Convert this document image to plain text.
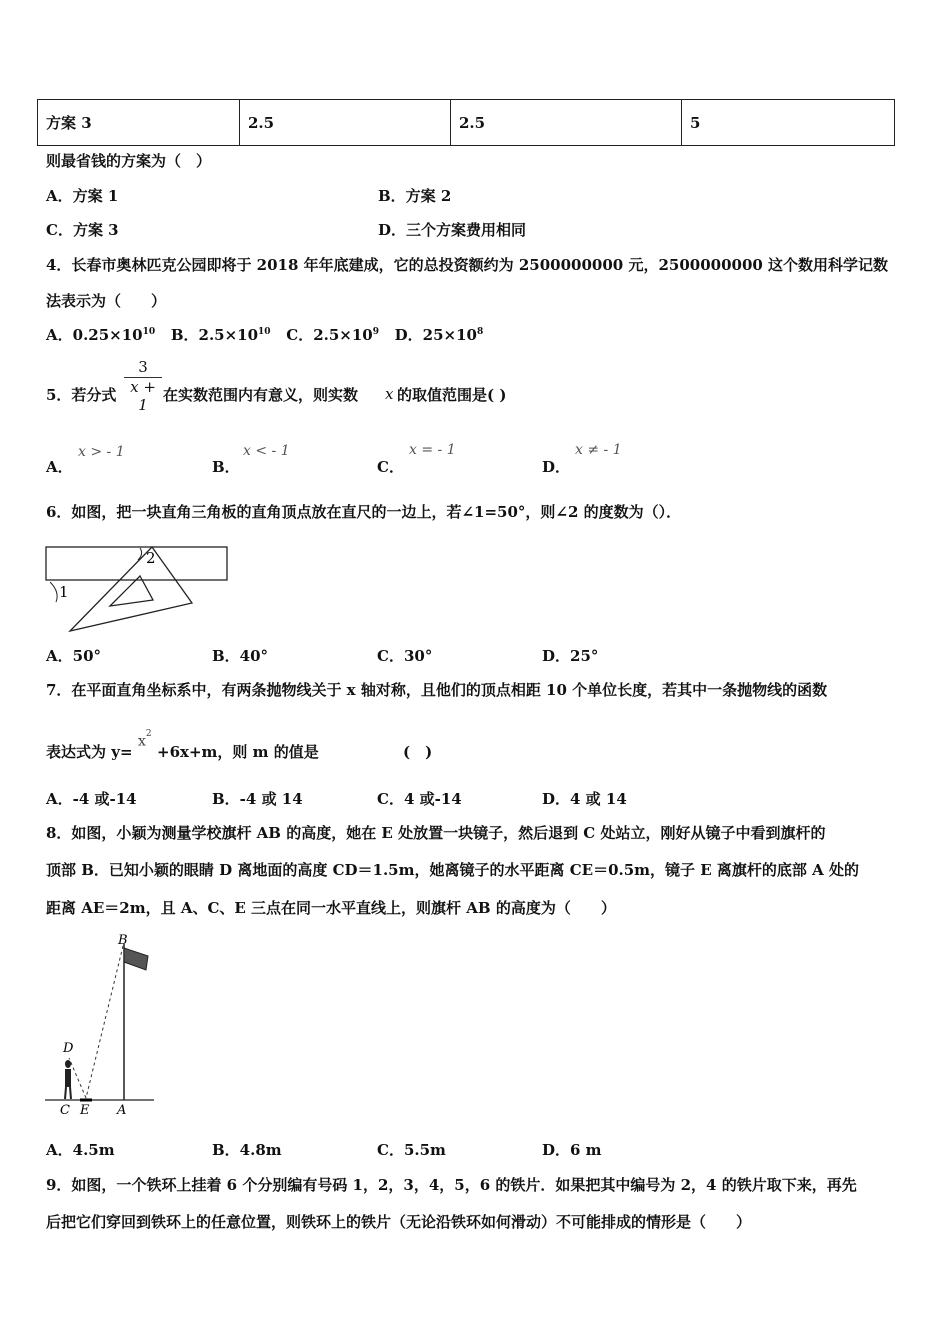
方案 3	2.5	2.5	5
则最省钱的方案为（　）
A．方案 1	B．方案 2
C．方案 3	D．三个方案费用相同
4．长春市奥林匹克公园即将于 2018 年年底建成，它的总投资额约为 2500000000 元，2500000000 这个数用科学记数
法表示为（　　）
A．$0.25\times 10^{10}$ B．$2.5\times 10^{10}$ C．$2.5\times 10^9$ D．$25\times 10^8$
5．若分式 $\frac{3}{x + 1}$ 在实数范围内有意义，则实数 x 的取值范围是( )
A．
x > - 1
B．
x < - 1
C．
x = - 1
D．
x ≠ - 1
6．如图，把一块直角三角板的直角顶点放在直尺的一边上，若∠1=50°，则∠2 的度数为（）．
2
1
A．50°	B．40°	C．30°	D．25°
7．在平面直角坐标系中，有两条抛物线关于 x 轴对称，且他们的顶点相距 10 个单位长度，若其中一条抛物线的函数
表达式为 y=
$x^2$
+6x+m，则 m 的值是	(　)
A．-4 或-14	B．-4 或 14	C．4 或-14	D．4 或 14
8．如图，小颖为测量学校旗杆 AB 的高度，她在 E 处放置一块镜子，然后退到 C 处站立，刚好从镜子中看到旗杆的
顶部 B．已知小颖的眼睛 D 离地面的高度 CD＝1.5m，她离镜子的水平距离 CE＝0.5m，镜子 E 离旗杆的底部 A 处的
距离 AE＝2m，且 A、C、E 三点在同一水平直线上，则旗杆 AB 的高度为（　　）
B
D
C E A
A．4.5m	B．4.8m	C．5.5m	D．6 m
9．如图，一个铁环上挂着 6 个分别编有号码 1，2，3，4，5，6 的铁片．如果把其中编号为 2，4 的铁片取下来，再先
后把它们穿回到铁环上的任意位置，则铁环上的铁片（无论沿铁环如何滑动）不可能排成的情形是（　　）
